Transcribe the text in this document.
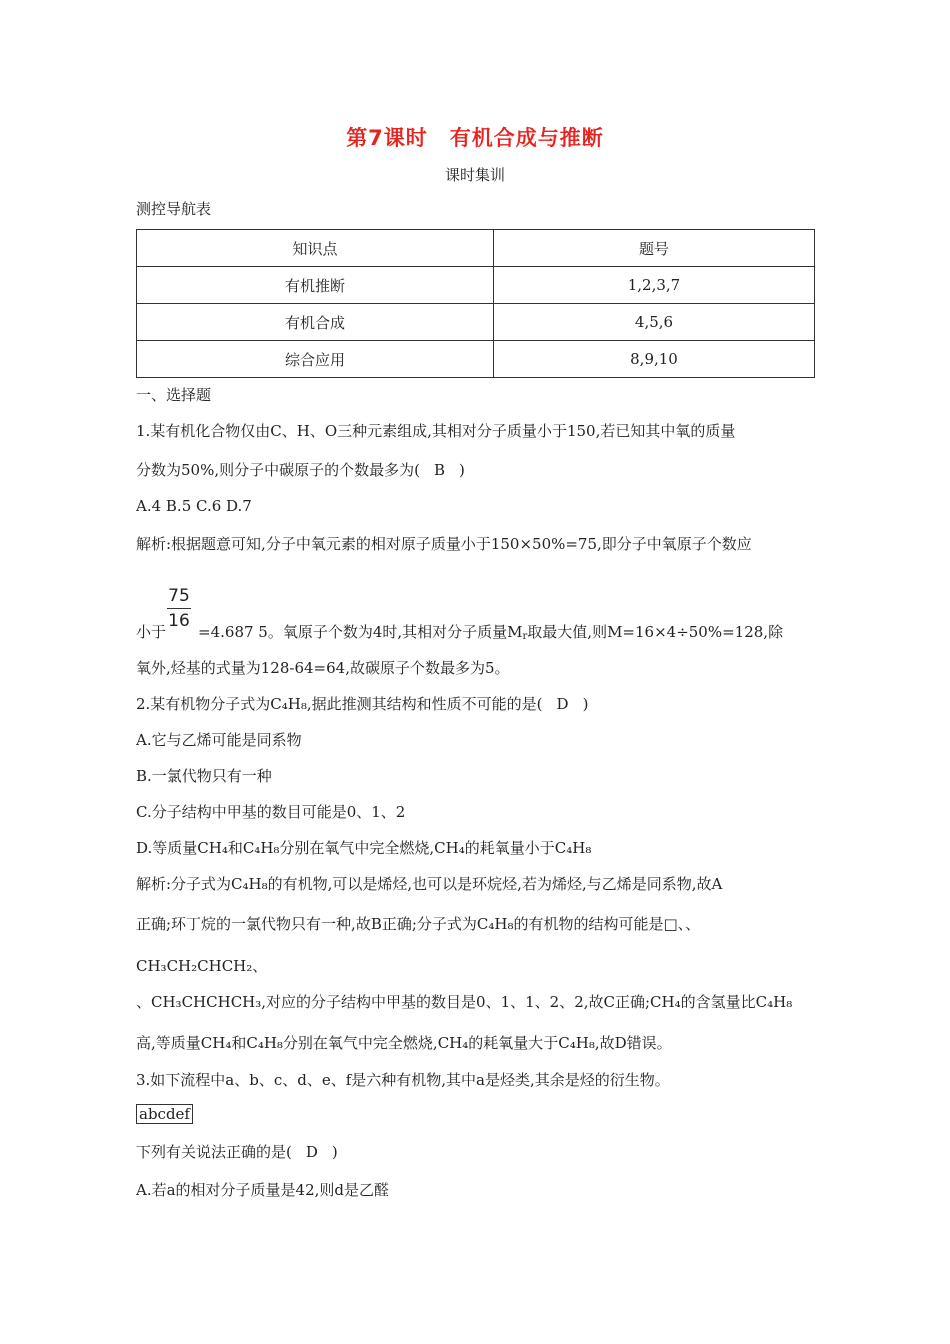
第7课时　有机合成与推断
课时集训
测控导航表
知识点	题号
有机推断	1,2,3,7
有机合成	4,5,6
综合应用	8,9,10
一、选择题
1.某有机化合物仅由C、H、O三种元素组成,其相对分子质量小于150,若已知其中氧的质量
分数为50%,则分子中碳原子的个数最多为( B )
A.4 B.5 C.6 D.7
解析:根据题意可知,分子中氧元素的相对原子质量小于150×50%=75,即分子中氧原子个数应
75
16
小于 =4.687 5。氧原子个数为4时,其相对分子质量$M_r$取最大值,则M=16×4÷50%=128,除
氧外,烃基的式量为128-64=64,故碳原子个数最多为5。
2.某有机物分子式为C₄H₈,据此推测其结构和性质不可能的是( D )
A.它与乙烯可能是同系物
B.一氯代物只有一种
C.分子结构中甲基的数目可能是0、1、2
D.等质量CH₄和C₄H₈分别在氧气中完全燃烧,CH₄的耗氧量小于C₄H₈
解析:分子式为C₄H₈的有机物,可以是烯烃,也可以是环烷烃,若为烯烃,与乙烯是同系物,故A
正确;环丁烷的一氯代物只有一种,故B正确;分子式为C₄H₈的有机物的结构可能是□、、
CH₃CH₂CHCH₂、
、CH₃CHCHCH₃,对应的分子结构中甲基的数目是0、1、1、2、2,故C正确;CH₄的含氢量比C₄H₈
高,等质量CH₄和C₄H₈分别在氧气中完全燃烧,CH₄的耗氧量大于C₄H₈,故D错误。
3.如下流程中a、b、c、d、e、f是六种有机物,其中a是烃类,其余是烃的衍生物。
abcdef
下列有关说法正确的是( D )
A.若a的相对分子质量是42,则d是乙醛
